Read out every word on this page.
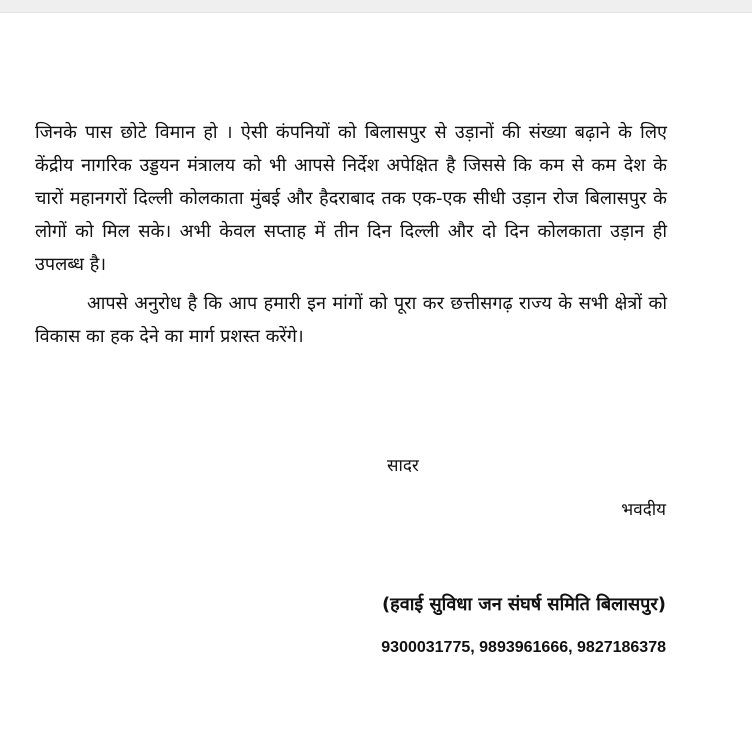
जिनके पास छोटे विमान हो । ऐसी कंपनियों को बिलासपुर से उड़ानों की संख्या बढ़ाने के लिए केंद्रीय नागरिक उड्डयन मंत्रालय को भी आपसे निर्देश अपेक्षित है जिससे कि कम से कम देश के चारों महानगरों दिल्ली कोलकाता मुंबई और हैदराबाद तक एक-एक सीधी उड़ान रोज बिलासपुर के लोगों को मिल सके। अभी केवल सप्ताह में तीन दिन दिल्ली और दो दिन कोलकाता उड़ान ही उपलब्ध है।

आपसे अनुरोध है कि आप हमारी इन मांगों को पूरा कर छत्तीसगढ़ राज्य के सभी क्षेत्रों को विकास का हक देने का मार्ग प्रशस्त करेंगे।

सादर
भवदीय
(हवाई सुविधा जन संघर्ष समिति बिलासपुर)
9300031775, 9893961666, 9827186378
